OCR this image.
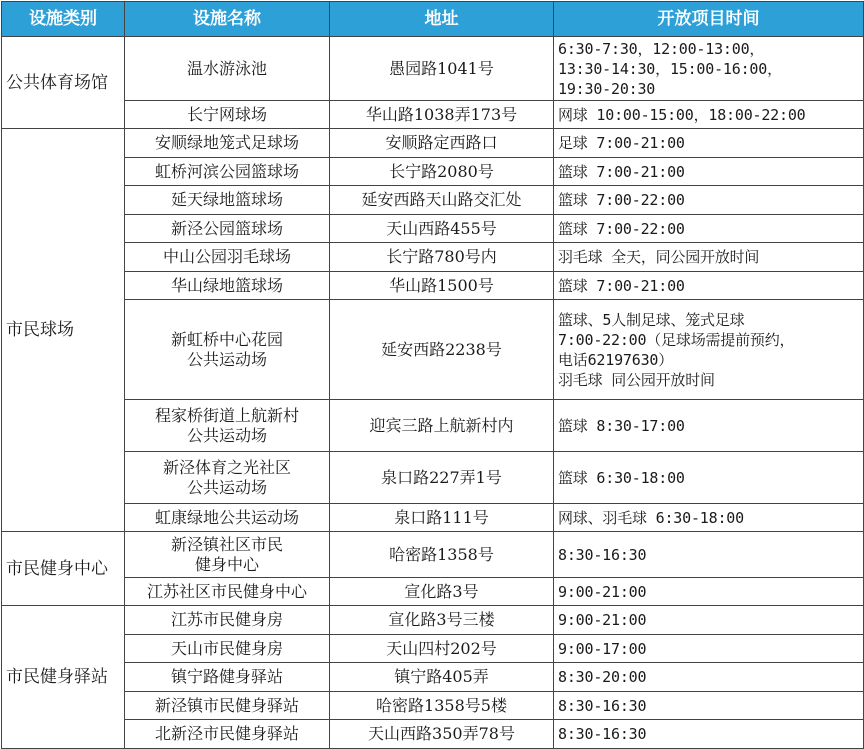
设施类别	设施名称	地址	开放项目时间
公共体育场馆	温水游泳池	愚园路1041号	6:30-7:30，12:00-13:00，
13:30-14:30，15:00-16:00，
19:30-20:30

	长宁网球场	华山路1038弄173号	网球 10:00-15:00，18:00-22:00

市民球场	安顺绿地笼式足球场	安顺路定西路口	足球 7:00-21:00

	虹桥河滨公园篮球场	长宁路2080号	篮球 7:00-21:00

	延天绿地篮球场	延安西路天山路交汇处	篮球 7:00-22:00

	新泾公园篮球场	天山西路455号	篮球 7:00-22:00

	中山公园羽毛球场	长宁路780号内	羽毛球 全天，同公园开放时间

	华山绿地篮球场	华山路1500号	篮球 7:00-21:00

	新虹桥中心花园
公共运动场	延安西路2238号	篮球、5人制足球、笼式足球
7:00-22:00（足球场需提前预约，
电话62197630）
羽毛球 同公园开放时间

	程家桥街道上航新村
公共运动场	迎宾三路上航新村内	篮球 8:30-17:00

	新泾体育之光社区
公共运动场	泉口路227弄1号	篮球 6:30-18:00

	虹康绿地公共运动场	泉口路111号	网球、羽毛球 6:30-18:00

市民健身中心	新泾镇社区市民
健身中心	哈密路1358号	8:30-16:30

	江苏社区市民健身中心	宣化路3号	9:00-21:00

市民健身驿站	江苏市民健身房	宣化路3号三楼	9:00-21:00

	天山市民健身房	天山四村202号	9:00-17:00

	镇宁路健身驿站	镇宁路405弄	8:30-20:00

	新泾镇市民健身驿站	哈密路1358号5楼	8:30-16:30

	北新泾市民健身驿站	天山西路350弄78号	8:30-16:30
